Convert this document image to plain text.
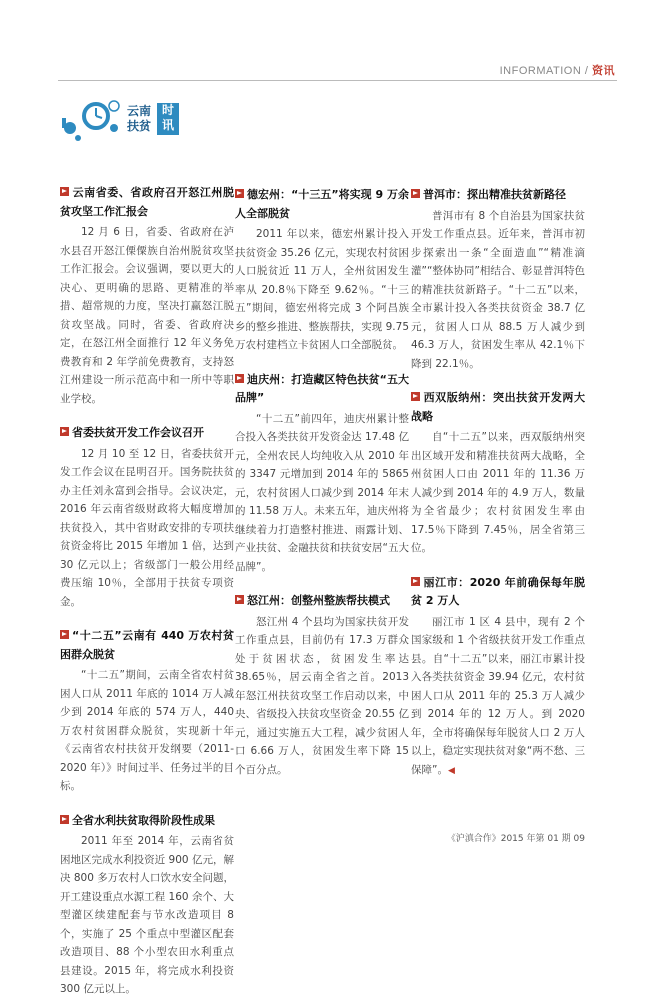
INFORMATION / 资讯
云南
扶贫
时
讯
云南省委、省政府召开怒江州脱贫攻坚工作汇报会

12 月 6 日，省委、省政府在泸水县召开怒江傈僳族自治州脱贫攻坚工作汇报会。会议强调，要以更大的决心、更明确的思路、更精准的举措、超常规的力度，坚决打赢怒江脱贫攻坚战。同时，省委、省政府决定，在怒江州全面推行 12 年义务免费教育和 2 年学前免费教育，支持怒江州建设一所示范高中和一所中等职业学校。

省委扶贫开发工作会议召开

12 月 10 至 12 日，省委扶贫开发工作会议在昆明召开。国务院扶贫办主任刘永富到会指导。会议决定，2016 年云南省级财政将大幅度增加扶贫投入，其中省财政安排的专项扶贫资金将比 2015 年增加 1 倍，达到 30 亿元以上；省级部门一般公用经费压缩 10％，全部用于扶贫专项资金。

“十二五”云南有 440 万农村贫困群众脱贫

“十二五”期间，云南全省农村贫困人口从 2011 年底的 1014 万人减少到 2014 年底的 574 万人，440 万农村贫困群众脱贫，实现新十年《云南省农村扶贫开发纲要（2011-2020 年）》时间过半、任务过半的目标。

全省水利扶贫取得阶段性成果

2011 年至 2014 年，云南省贫困地区完成水利投资近 900 亿元，解决 800 多万农村人口饮水安全问题，开工建设重点水源工程 160 余个、大型灌区续建配套与节水改造项目 8 个，实施了 25 个重点中型灌区配套改造项目、88 个小型农田水利重点县建设。2015 年，将完成水利投资 300 亿元以上。

德宏州：“十三五”将实现 9 万余人全部脱贫

2011 年以来，德宏州累计投入扶贫资金 35.26 亿元，实现农村贫困人口脱贫近 11 万人，全州贫困发生率从 20.8％下降至 9.62％。“十三五”期间，德宏州将完成 3 个阿昌族乡的整乡推进、整族帮扶，实现 9.75 万农村建档立卡贫困人口全部脱贫。

迪庆州：打造藏区特色扶贫“五大品牌”

“十二五”前四年，迪庆州累计整合投入各类扶贫开发资金达 17.48 亿元，全州农民人均纯收入从 2010 年的 3347 元增加到 2014 年的 5865 元，农村贫困人口减少到 2014 年末的 11.58 万人。未来五年，迪庆州将继续着力打造整村推进、雨露计划、产业扶贫、金融扶贫和扶贫安居“五大品牌”。

怒江州：创整州整族帮扶模式

怒江州 4 个县均为国家扶贫开发工作重点县，目前仍有 17.3 万群众处于贫困状态，贫困发生率达 38.65％，居云南全省之首。2013 年怒江州扶贫攻坚工作启动以来，中央、省级投入扶贫攻坚资金 20.55 亿元，通过实施五大工程，减少贫困人口 6.66 万人，贫困发生率下降 15 个百分点。

普洱市：探出精准扶贫新路径

普洱市有 8 个自治县为国家扶贫开发工作重点县。近年来，普洱市初步探索出一条“全面造血”“精准滴灌”“整体协同”相结合、彰显普洱特色的精准扶贫新路子。“十二五”以来，全市累计投入各类扶贫资金 38.7 亿元，贫困人口从 88.5 万人减少到 46.3 万人，贫困发生率从 42.1％下降到 22.1％。

西双版纳州：突出扶贫开发两大战略

自“十二五”以来，西双版纳州突出区域开发和精准扶贫两大战略，全州贫困人口由 2011 年的 11.36 万人减少到 2014 年的 4.9 万人，数量为全省最少；农村贫困发生率由 17.5％下降到 7.45％，居全省第三位。

丽江市：2020 年前确保每年脱贫 2 万人

丽江市 1 区 4 县中，现有 2 个国家级和 1 个省级扶贫开发工作重点县。自“十二五”以来，丽江市累计投入各类扶贫资金 39.94 亿元，农村贫困人口从 2011 年的 25.3 万人减少到 2014 年的 12 万人。到 2020 年，全市将确保每年脱贫人口 2 万人以上，稳定实现扶贫对象“两不愁、三保障”。◀

《沪滇合作》2015 年第 01 期 09
